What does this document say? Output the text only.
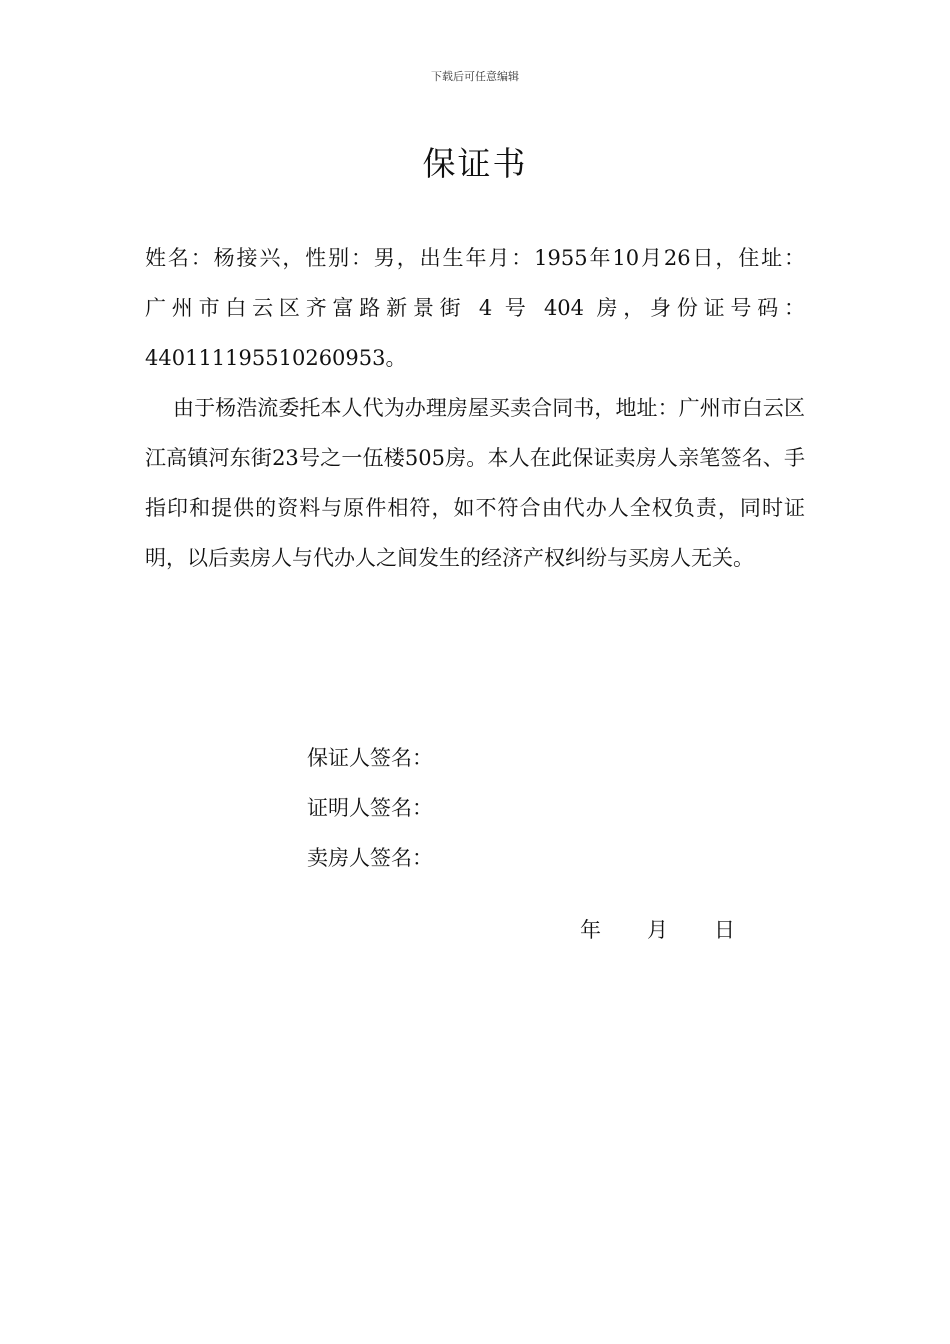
下载后可任意编辑
保证书

姓名：杨接兴，性别：男，出生年月：1955年10月26日，住址：

广州市白云区齐富路新景街 4 号 404 房，身份证号码：

440111195510260953。

由于杨浩流委托本人代为办理房屋买卖合同书，地址：广州市白云区江高镇河东街23号之一伍楼505房。本人在此保证卖房人亲笔签名、手指印和提供的资料与原件相符，如不符合由代办人全权负责，同时证明，以后卖房人与代办人之间发生的经济产权纠纷与买房人无关。

保证人签名：
证明人签名：
卖房人签名：
年 月 日
